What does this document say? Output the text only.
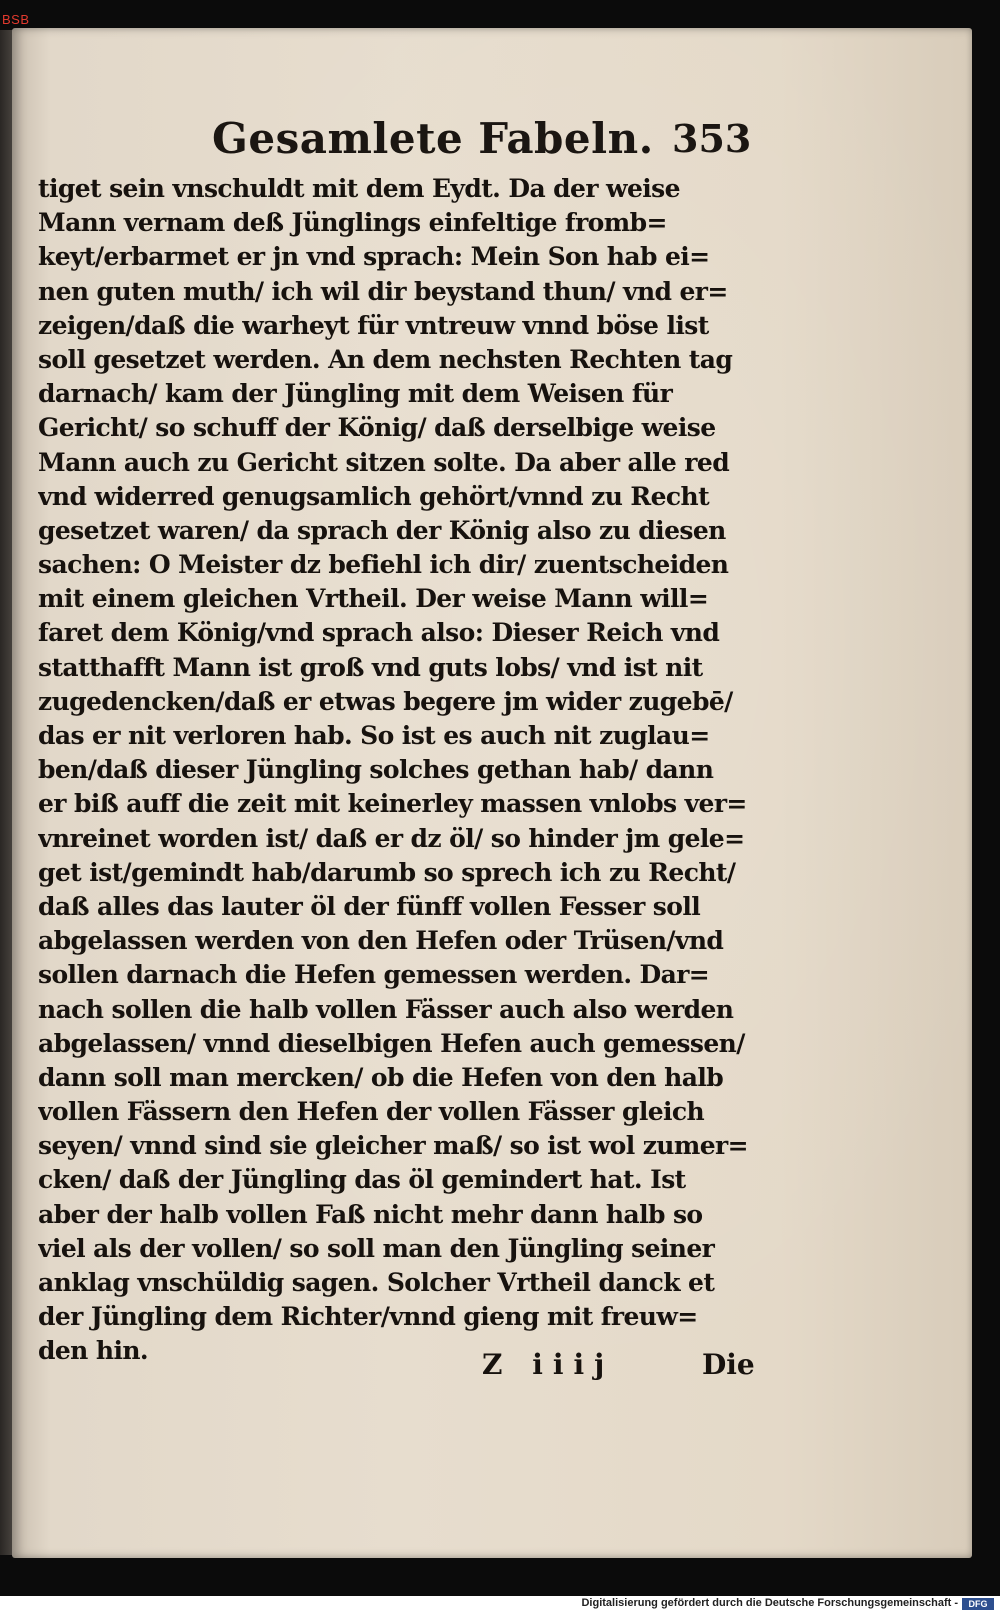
BSB
Gesamlete Fabeln. 353
tiget sein vnschuldt mit dem Eydt. Da der weise
Mann vernam deß Jünglings einfeltige fromb=
keyt/erbarmet er jn vnd sprach: Mein Son hab ei=
nen guten muth/ ich wil dir beystand thun/ vnd er=
zeigen/daß die warheyt für vntreuw vnnd böse list
soll gesetzet werden. An dem nechsten Rechten tag
darnach/ kam der Jüngling mit dem Weisen für
Gericht/ so schuff der König/ daß derselbige weise
Mann auch zu Gericht sitzen solte. Da aber alle red
vnd widerred genugsamlich gehört/vnnd zu Recht
gesetzet waren/ da sprach der König also zu diesen
sachen: O Meister dz befiehl ich dir/ zuentscheiden
mit einem gleichen Vrtheil. Der weise Mann will=
faret dem König/vnd sprach also: Dieser Reich vnd
statthafft Mann ist groß vnd guts lobs/ vnd ist nit
zugedencken/daß er etwas begere jm wider zugebē/
das er nit verloren hab. So ist es auch nit zuglau=
ben/daß dieser Jüngling solches gethan hab/ dann
er biß auff die zeit mit keinerley massen vnlobs ver=
vnreinet worden ist/ daß er dz öl/ so hinder jm gele=
get ist/gemindt hab/darumb so sprech ich zu Recht/
daß alles das lauter öl der fünff vollen Fesser soll
abgelassen werden von den Hefen oder Trüsen/vnd
sollen darnach die Hefen gemessen werden. Dar=
nach sollen die halb vollen Fässer auch also werden
abgelassen/ vnnd dieselbigen Hefen auch gemessen/
dann soll man mercken/ ob die Hefen von den halb
vollen Fässern den Hefen der vollen Fässer gleich
seyen/ vnnd sind sie gleicher maß/ so ist wol zumer=
cken/ daß der Jüngling das öl gemindert hat. Ist
aber der halb vollen Faß nicht mehr dann halb so
viel als der vollen/ so soll man den Jüngling seiner
anklag vnschüldig sagen. Solcher Vrtheil danck et
der Jüngling dem Richter/vnnd gieng mit freuw=
den hin.	Z iiij	Die
Digitalisierung gefördert durch die Deutsche Forschungsgemeinschaft -	DFG
